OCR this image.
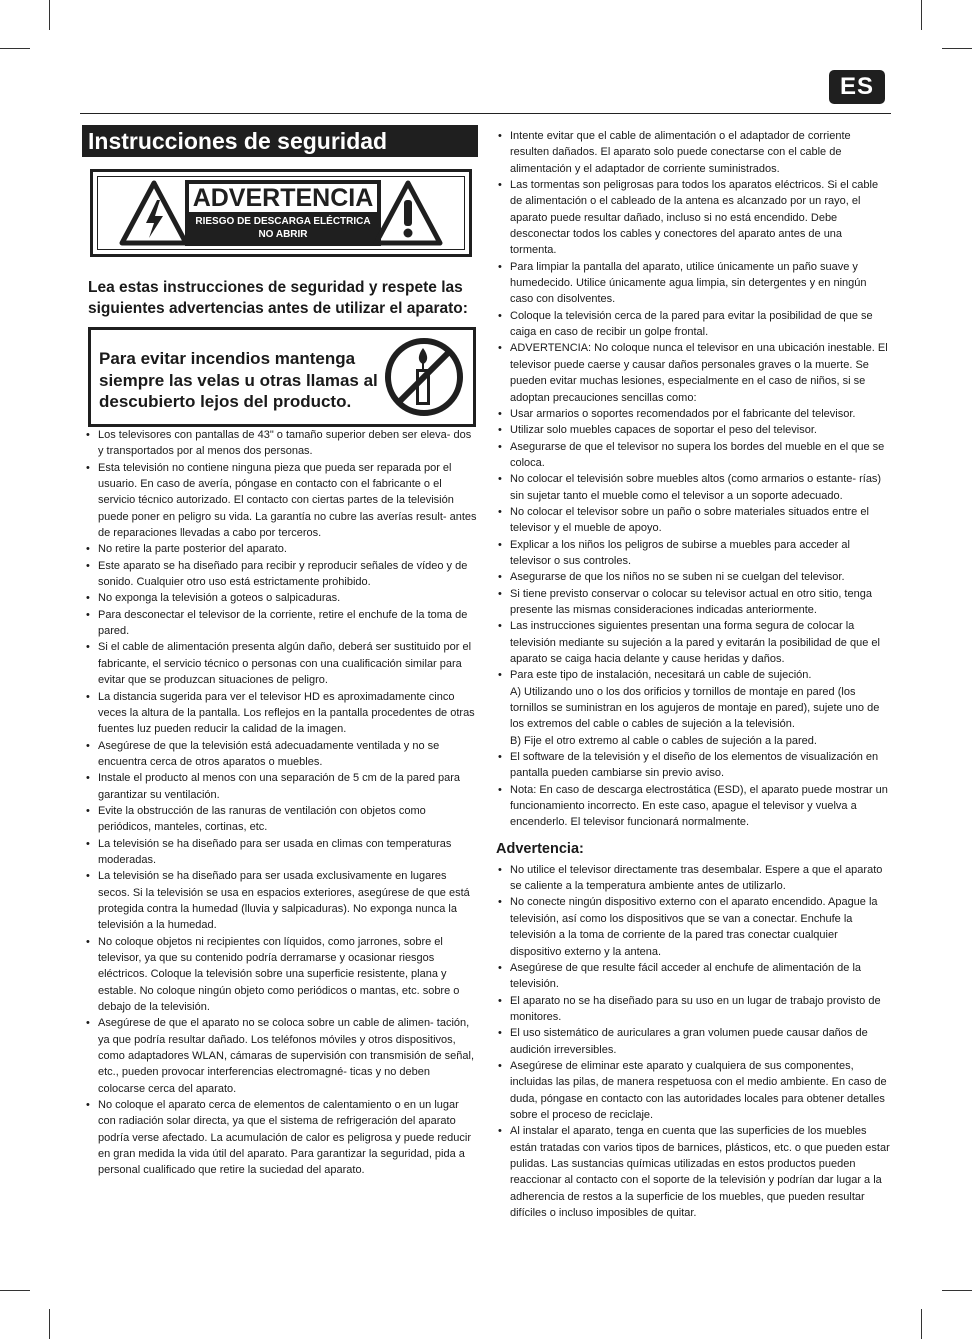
ES
Instrucciones de seguridad
ADVERTENCIA
RIESGO DE DESCARGA ELÉCTRICA
NO ABRIR
Lea estas instrucciones de seguridad y respete las siguientes advertencias antes de utilizar el aparato:
Para evitar incendios mantenga siempre las velas u otras llamas al descubierto lejos del producto.
• Los televisores con pantallas de 43" o tamaño superior deben ser eleva- dos y transportados por al menos dos personas.
• Esta televisión no contiene ninguna pieza que pueda ser reparada por el usuario. En caso de avería, póngase en contacto con el fabricante o el servicio técnico autorizado. El contacto con ciertas partes de la televisión puede poner en peligro su vida. La garantía no cubre las averías result- antes de reparaciones llevadas a cabo por terceros.
• No retire la parte posterior del aparato.
• Este aparato se ha diseñado para recibir y reproducir señales de vídeo y de sonido. Cualquier otro uso está estrictamente prohibido.
• No exponga la televisión a goteos o salpicaduras.
• Para desconectar el televisor de la corriente, retire el enchufe de la toma de pared.
• Si el cable de alimentación presenta algún daño, deberá ser sustituido por el fabricante, el servicio técnico o personas con una cualificación similar para evitar que se produzcan situaciones de peligro.
• La distancia sugerida para ver el televisor HD es aproximadamente cinco veces la altura de la pantalla. Los reflejos en la pantalla procedentes de otras fuentes luz pueden reducir la calidad de la imagen.
• Asegúrese de que la televisión está adecuadamente ventilada y no se encuentra cerca de otros aparatos o muebles.
• Instale el producto al menos con una separación de 5 cm de la pared para garantizar su ventilación.
• Evite la obstrucción de las ranuras de ventilación con objetos como periódicos, manteles, cortinas, etc.
• La televisión se ha diseñado para ser usada en climas con temperaturas moderadas.
• La televisión se ha diseñado para ser usada exclusivamente en lugares secos. Si la televisión se usa en espacios exteriores, asegúrese de que está protegida contra la humedad (lluvia y salpicaduras). No exponga nunca la televisión a la humedad.
• No coloque objetos ni recipientes con líquidos, como jarrones, sobre el televisor, ya que su contenido podría derramarse y ocasionar riesgos eléctricos. Coloque la televisión sobre una superficie resistente, plana y estable. No coloque ningún objeto como periódicos o mantas, etc. sobre o debajo de la televisión.
• Asegúrese de que el aparato no se coloca sobre un cable de alimen- tación, ya que podría resultar dañado. Los teléfonos móviles y otros dispositivos, como adaptadores WLAN, cámaras de supervisión con transmisión de señal, etc., pueden provocar interferencias electromagné- ticas y no deben colocarse cerca del aparato.
• No coloque el aparato cerca de elementos de calentamiento o en un lugar con radiación solar directa, ya que el sistema de refrigeración del aparato podría verse afectado. La acumulación de calor es peligrosa y puede reducir en gran medida la vida útil del aparato. Para garantizar la seguridad, pida a personal cualificado que retire la suciedad del aparato.
• Intente evitar que el cable de alimentación o el adaptador de corriente resulten dañados. El aparato solo puede conectarse con el cable de alimentación y el adaptador de corriente suministrados.
• Las tormentas son peligrosas para todos los aparatos eléctricos. Si el cable de alimentación o el cableado de la antena es alcanzado por un rayo, el aparato puede resultar dañado, incluso si no está encendido. Debe desconectar todos los cables y conectores del aparato antes de una tormenta.
• Para limpiar la pantalla del aparato, utilice únicamente un paño suave y humedecido. Utilice únicamente agua limpia, sin detergentes y en ningún caso con disolventes.
• Coloque la televisión cerca de la pared para evitar la posibilidad de que se caiga en caso de recibir un golpe frontal.
• ADVERTENCIA: No coloque nunca el televisor en una ubicación inestable. El televisor puede caerse y causar daños personales graves o la muerte. Se pueden evitar muchas lesiones, especialmente en el caso de niños, si se adoptan precauciones sencillas como:
• Usar armarios o soportes recomendados por el fabricante del televisor.
• Utilizar solo muebles capaces de soportar el peso del televisor.
• Asegurarse de que el televisor no supera los bordes del mueble en el que se coloca.
• No colocar el televisión sobre muebles altos (como armarios o estante- rías) sin sujetar tanto el mueble como el televisor a un soporte adecuado.
• No colocar el televisor sobre un paño o sobre materiales situados entre el televisor y el mueble de apoyo.
• Explicar a los niños los peligros de subirse a muebles para acceder al televisor o sus controles.
• Asegurarse de que los niños no se suben ni se cuelgan del televisor.
• Si tiene previsto conservar o colocar su televisor actual en otro sitio, tenga presente las mismas consideraciones indicadas anteriormente.
• Las instrucciones siguientes presentan una forma segura de colocar la televisión mediante su sujeción a la pared y evitarán la posibilidad de que el aparato se caiga hacia delante y cause heridas y daños.
• Para este tipo de instalación, necesitará un cable de sujeción.
A) Utilizando uno o los dos orificios y tornillos de montaje en pared (los tornillos se suministran en los agujeros de montaje en pared), sujete uno de los extremos del cable o cables de sujeción a la televisión.
B) Fije el otro extremo al cable o cables de sujeción a la pared.
• El software de la televisión y el diseño de los elementos de visualización en pantalla pueden cambiarse sin previo aviso.
• Nota: En caso de descarga electrostática (ESD), el aparato puede mostrar un funcionamiento incorrecto. En este caso, apague el televisor y vuelva a encenderlo. El televisor funcionará normalmente.
Advertencia:
• No utilice el televisor directamente tras desembalar. Espere a que el aparato se caliente a la temperatura ambiente antes de utilizarlo.
• No conecte ningún dispositivo externo con el aparato encendido. Apague la televisión, así como los dispositivos que se van a conectar. Enchufe la televisión a la toma de corriente de la pared tras conectar cualquier dispositivo externo y la antena.
• Asegúrese de que resulte fácil acceder al enchufe de alimentación de la televisión.
• El aparato no se ha diseñado para su uso en un lugar de trabajo provisto de monitores.
• El uso sistemático de auriculares a gran volumen puede causar daños de audición irreversibles.
• Asegúrese de eliminar este aparato y cualquiera de sus componentes, incluidas las pilas, de manera respetuosa con el medio ambiente. En caso de duda, póngase en contacto con las autoridades locales para obtener detalles sobre el proceso de reciclaje.
• Al instalar el aparato, tenga en cuenta que las superficies de los muebles están tratadas con varios tipos de barnices, plásticos, etc. o que pueden estar pulidas. Las sustancias químicas utilizadas en estos productos pueden reaccionar al contacto con el soporte de la televisión y podrían dar lugar a la adherencia de restos a la superficie de los muebles, que pueden resultar difíciles o incluso imposibles de quitar.
